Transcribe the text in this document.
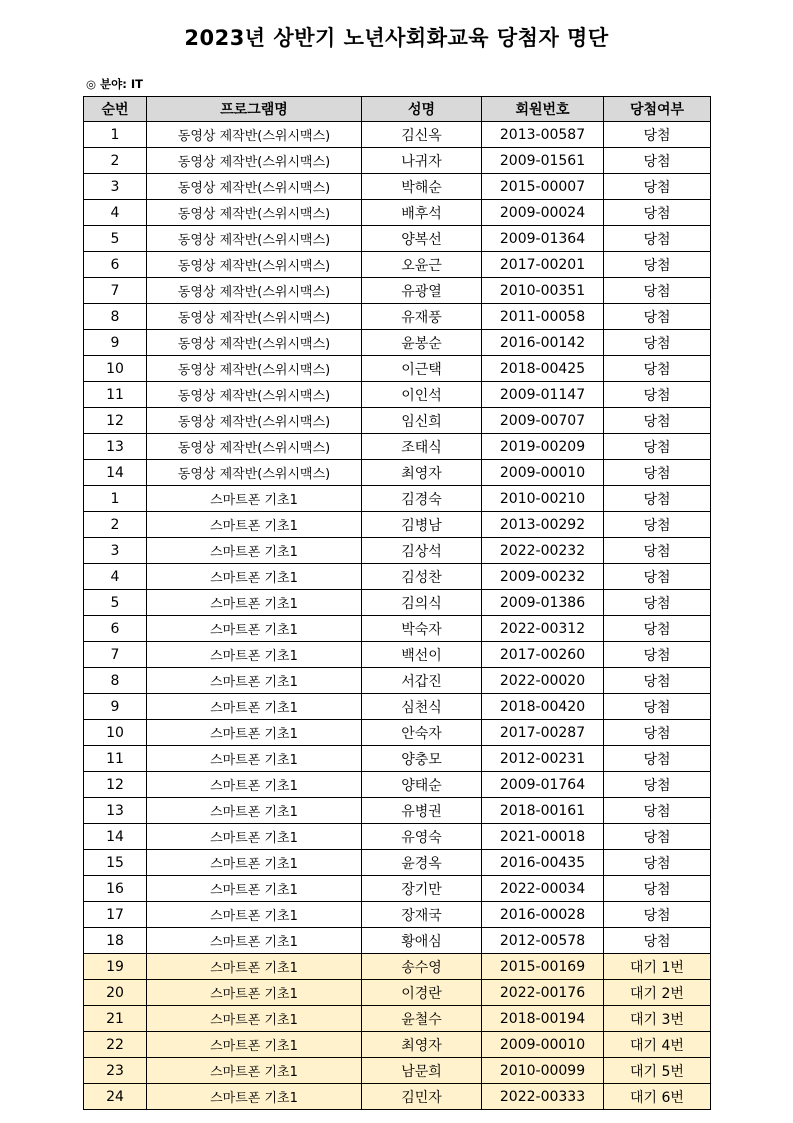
2023년 상반기 노년사회화교육 당첨자 명단
◎ 분야: IT
순번	프로그램명	성명	회원번호	당첨여부
1	동영상 제작반(스위시맥스)	김신옥	2013-00587	당첨
2	동영상 제작반(스위시맥스)	나귀자	2009-01561	당첨
3	동영상 제작반(스위시맥스)	박해순	2015-00007	당첨
4	동영상 제작반(스위시맥스)	배후석	2009-00024	당첨
5	동영상 제작반(스위시맥스)	양복선	2009-01364	당첨
6	동영상 제작반(스위시맥스)	오윤근	2017-00201	당첨
7	동영상 제작반(스위시맥스)	유광열	2010-00351	당첨
8	동영상 제작반(스위시맥스)	유재풍	2011-00058	당첨
9	동영상 제작반(스위시맥스)	윤봉순	2016-00142	당첨
10	동영상 제작반(스위시맥스)	이근택	2018-00425	당첨
11	동영상 제작반(스위시맥스)	이인석	2009-01147	당첨
12	동영상 제작반(스위시맥스)	임신희	2009-00707	당첨
13	동영상 제작반(스위시맥스)	조태식	2019-00209	당첨
14	동영상 제작반(스위시맥스)	최영자	2009-00010	당첨
1	스마트폰 기초1	김경숙	2010-00210	당첨
2	스마트폰 기초1	김병남	2013-00292	당첨
3	스마트폰 기초1	김상석	2022-00232	당첨
4	스마트폰 기초1	김성찬	2009-00232	당첨
5	스마트폰 기초1	김의식	2009-01386	당첨
6	스마트폰 기초1	박숙자	2022-00312	당첨
7	스마트폰 기초1	백선이	2017-00260	당첨
8	스마트폰 기초1	서갑진	2022-00020	당첨
9	스마트폰 기초1	심천식	2018-00420	당첨
10	스마트폰 기초1	안숙자	2017-00287	당첨
11	스마트폰 기초1	양충모	2012-00231	당첨
12	스마트폰 기초1	양태순	2009-01764	당첨
13	스마트폰 기초1	유병권	2018-00161	당첨
14	스마트폰 기초1	유영숙	2021-00018	당첨
15	스마트폰 기초1	윤경옥	2016-00435	당첨
16	스마트폰 기초1	장기만	2022-00034	당첨
17	스마트폰 기초1	장재국	2016-00028	당첨
18	스마트폰 기초1	황애심	2012-00578	당첨
19	스마트폰 기초1	송수영	2015-00169	대기 1번
20	스마트폰 기초1	이경란	2022-00176	대기 2번
21	스마트폰 기초1	윤철수	2018-00194	대기 3번
22	스마트폰 기초1	최영자	2009-00010	대기 4번
23	스마트폰 기초1	남문희	2010-00099	대기 5번
24	스마트폰 기초1	김민자	2022-00333	대기 6번
